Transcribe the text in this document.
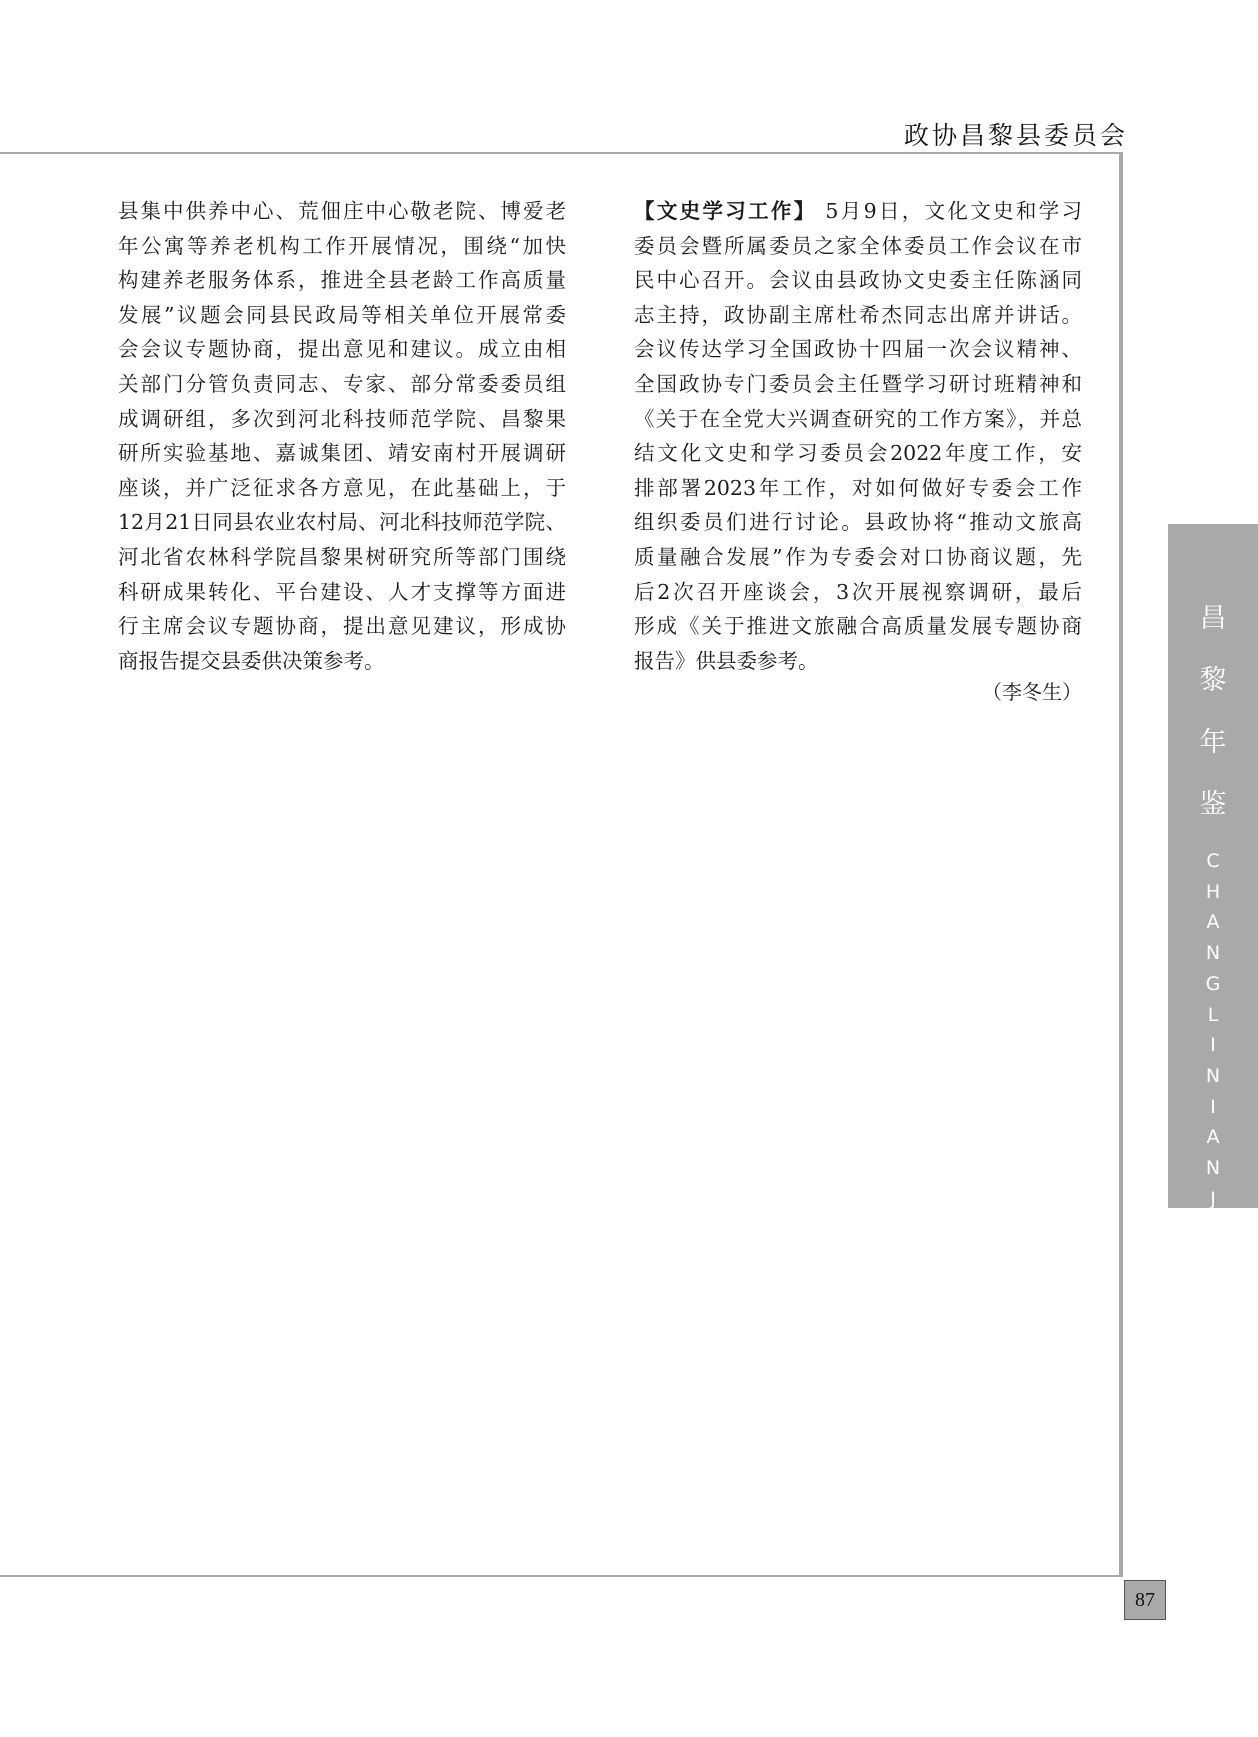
政协昌黎县委员会

县集中供养中心、荒佃庄中心敬老院、博爱老

年公寓等养老机构工作开展情况，围绕“加快

构建养老服务体系，推进全县老龄工作高质量

发展”议题会同县民政局等相关单位开展常委

会会议专题协商，提出意见和建议。成立由相

关部门分管负责同志、专家、部分常委委员组

成调研组，多次到河北科技师范学院、昌黎果

研所实验基地、嘉诚集团、靖安南村开展调研

座谈，并广泛征求各方意见，在此基础上，于

12月21日同县农业农村局、河北科技师范学院、

河北省农林科学院昌黎果树研究所等部门围绕

科研成果转化、平台建设、人才支撑等方面进

行主席会议专题协商，提出意见建议，形成协

商报告提交县委供决策参考。

【文史学习工作】 5月9日，文化文史和学习

委员会暨所属委员之家全体委员工作会议在市

民中心召开。会议由县政协文史委主任陈涵同

志主持，政协副主席杜希杰同志出席并讲话。

会议传达学习全国政协十四届一次会议精神、

全国政协专门委员会主任暨学习研讨班精神和

《关于在全党大兴调查研究的工作方案》，并总

结文化文史和学习委员会2022年度工作，安

排部署2023年工作，对如何做好专委会工作

组织委员们进行讨论。县政协将“推动文旅高

质量融合发展”作为专委会对口协商议题，先

后2次召开座谈会，3次开展视察调研，最后

形成《关于推进文旅融合高质量发展专题协商

报告》供县委参考。

（李冬生）
昌
黎
年
鉴
C
H
A
N
G
L
I
N
I
A
N
J
I
A
N
87
